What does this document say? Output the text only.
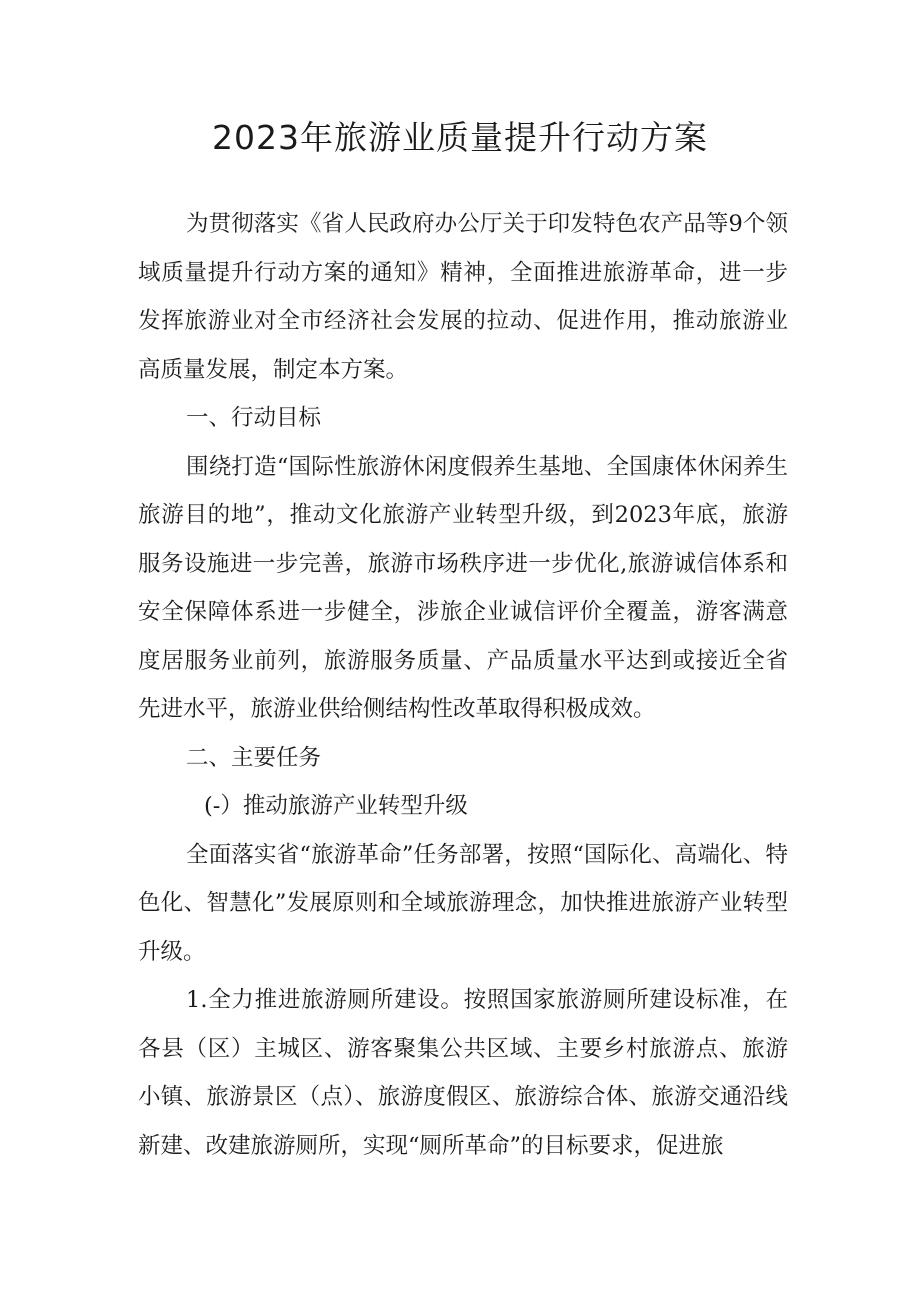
2023年旅游业质量提升行动方案

为贯彻落实《省人民政府办公厅关于印发特色农产品等9个领域质量提升行动方案的通知》精神，全面推进旅游革命，进一步发挥旅游业对全市经济社会发展的拉动、促进作用，推动旅游业高质量发展，制定本方案。

一、行动目标

围绕打造“国际性旅游休闲度假养生基地、全国康体休闲养生旅游目的地”，推动文化旅游产业转型升级，到2023年底，旅游服务设施进一步完善，旅游市场秩序进一步优化,旅游诚信体系和安全保障体系进一步健全，涉旅企业诚信评价全覆盖，游客满意度居服务业前列，旅游服务质量、产品质量水平达到或接近全省先进水平，旅游业供给侧结构性改革取得积极成效。

二、主要任务

(-）推动旅游产业转型升级

全面落实省“旅游革命”任务部署，按照“国际化、高端化、特色化、智慧化”发展原则和全域旅游理念，加快推进旅游产业转型升级。

1.全力推进旅游厕所建设。按照国家旅游厕所建设标准，在各县（区）主城区、游客聚集公共区域、主要乡村旅游点、旅游小镇、旅游景区（点）、旅游度假区、旅游综合体、旅游交通沿线新建、改建旅游厕所，实现“厕所革命”的目标要求，促进旅
